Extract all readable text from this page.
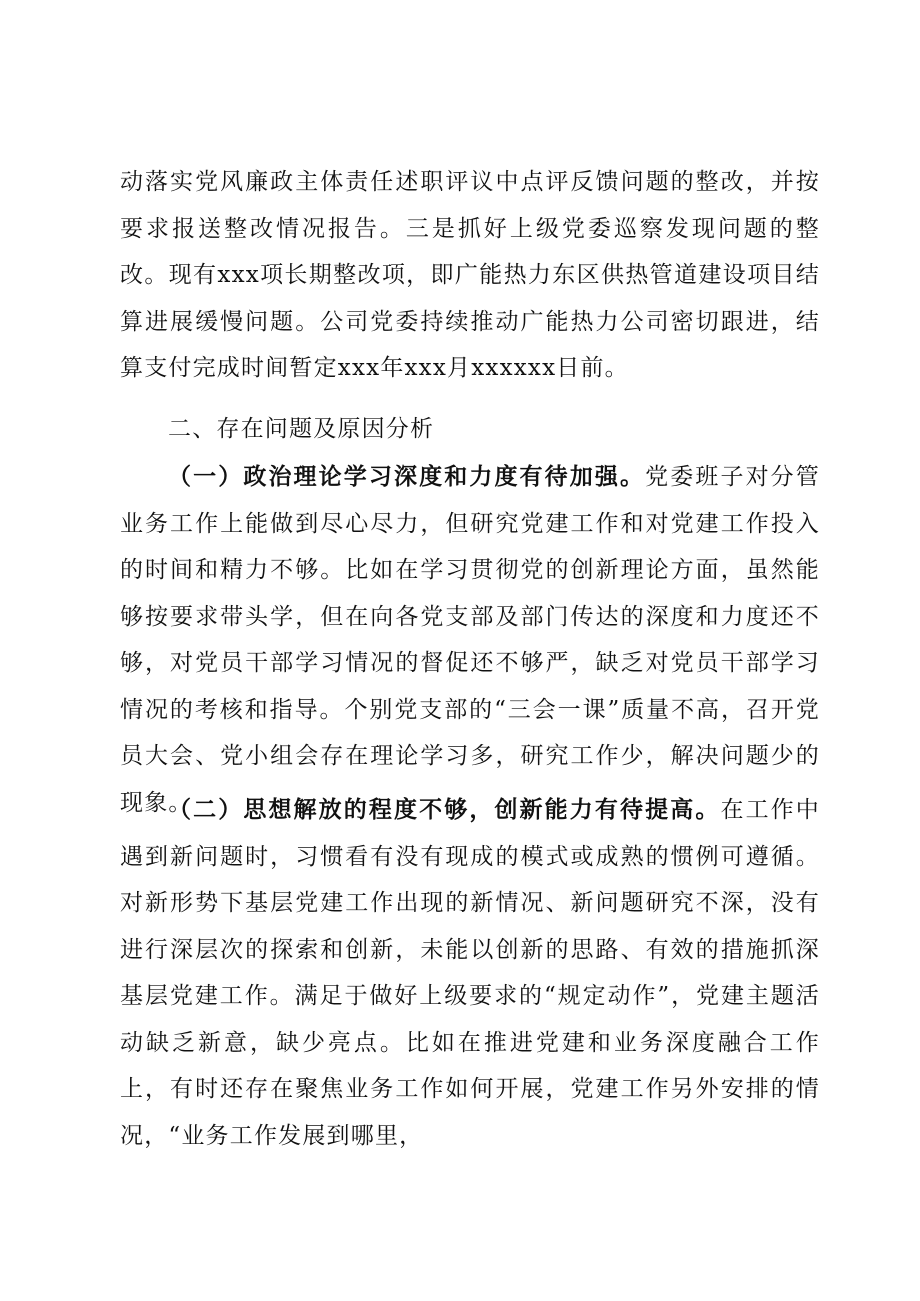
动落实党风廉政主体责任述职评议中点评反馈问题的整改，并按要求报送整改情况报告。三是抓好上级党委巡察发现问题的整改。现有xxx项长期整改项，即广能热力东区供热管道建设项目结算进展缓慢问题。公司党委持续推动广能热力公司密切跟进，结算支付完成时间暂定xxx年xxx月xxxxxx日前。

二、存在问题及原因分析

（一）政治理论学习深度和力度有待加强。党委班子对分管业务工作上能做到尽心尽力，但研究党建工作和对党建工作投入的时间和精力不够。比如在学习贯彻党的创新理论方面，虽然能够按要求带头学，但在向各党支部及部门传达的深度和力度还不够，对党员干部学习情况的督促还不够严，缺乏对党员干部学习情况的考核和指导。个别党支部的“三会一课”质量不高，召开党员大会、党小组会存在理论学习多，研究工作少，解决问题少的现象。

（二）思想解放的程度不够，创新能力有待提高。在工作中遇到新问题时，习惯看有没有现成的模式或成熟的惯例可遵循。对新形势下基层党建工作出现的新情况、新问题研究不深，没有进行深层次的探索和创新，未能以创新的思路、有效的措施抓深基层党建工作。满足于做好上级要求的“规定动作”，党建主题活动缺乏新意，缺少亮点。比如在推进党建和业务深度融合工作上，有时还存在聚焦业务工作如何开展，党建工作另外安排的情况，“业务工作发展到哪里，
